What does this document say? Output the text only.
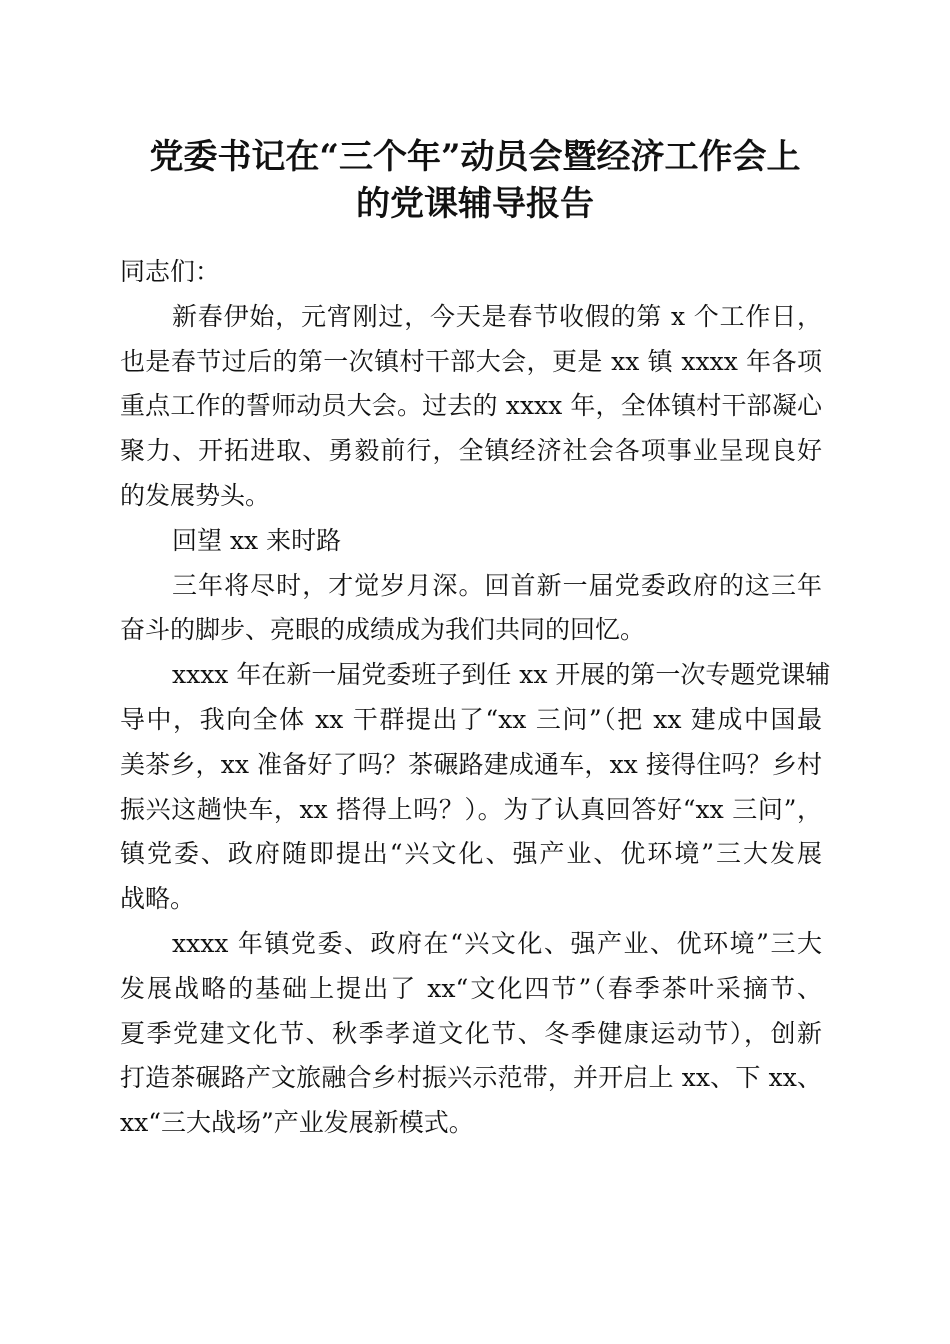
党委书记在“三个年”动员会暨经济工作会上
的党课辅导报告
同志们：
新春伊始，元宵刚过，今天是春节收假的第 x 个工作日，
也是春节过后的第一次镇村干部大会，更是 xx 镇 xxxx 年各项
重点工作的誓师动员大会。过去的 xxxx 年，全体镇村干部凝心
聚力、开拓进取、勇毅前行，全镇经济社会各项事业呈现良好
的发展势头。
回望 xx 来时路
三年将尽时，才觉岁月深。回首新一届党委政府的这三年
奋斗的脚步、亮眼的成绩成为我们共同的回忆。
xxxx 年在新一届党委班子到任 xx 开展的第一次专题党课辅
导中，我向全体 xx 干群提出了“xx 三问”（把 xx 建成中国最
美茶乡，xx 准备好了吗？茶碾路建成通车，xx 接得住吗？乡村
振兴这趟快车，xx 搭得上吗？）。为了认真回答好“xx 三问”，
镇党委、政府随即提出“兴文化、强产业、优环境”三大发展
战略。
xxxx 年镇党委、政府在“兴文化、强产业、优环境”三大
发展战略的基础上提出了 xx“文化四节”（春季茶叶采摘节、
夏季党建文化节、秋季孝道文化节、冬季健康运动节），创新
打造茶碾路产文旅融合乡村振兴示范带，并开启上 xx、下 xx、
xx“三大战场”产业发展新模式。
